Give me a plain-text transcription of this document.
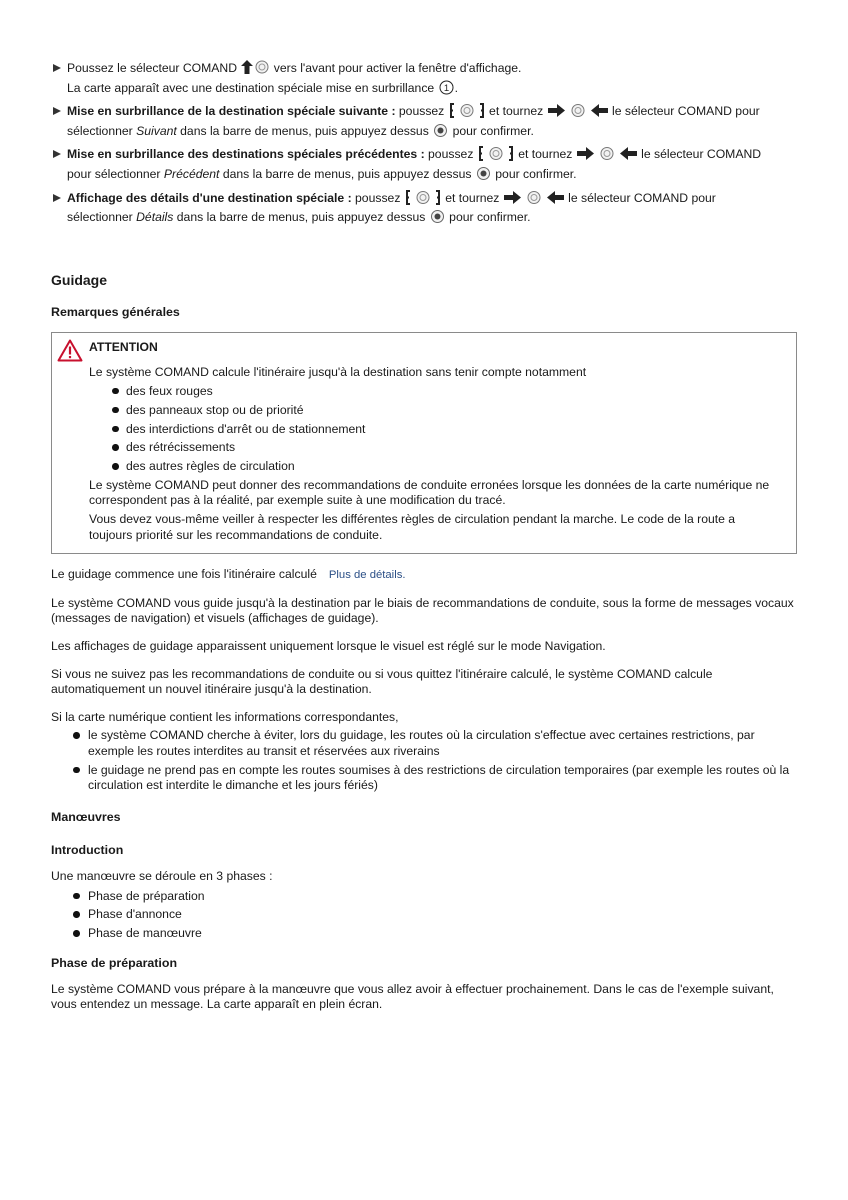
Poussez le sélecteur COMAND  vers l'avant pour activer la fenêtre d'affichage.
La carte apparaît avec une destination spéciale mise en surbrillance 1 .
Mise en surbrillance de la destination spéciale suivante : poussez	et tournez	le sélecteur COMAND pour
sélectionner Suivant dans la barre de menus, puis appuyez dessus  pour confirmer.
Mise en surbrillance des destinations spéciales précédentes : poussez	et tournez	le sélecteur COMAND
pour sélectionner Précédent dans la barre de menus, puis appuyez dessus  pour confirmer.
Affichage des détails d'une destination spéciale : poussez	et tournez	le sélecteur COMAND pour
sélectionner Détails dans la barre de menus, puis appuyez dessus  pour confirmer.
Guidage
Remarques générales
ATTENTION

Le système COMAND calcule l'itinéraire jusqu'à la destination sans tenir compte notamment

des feux rouges
des panneaux stop ou de priorité
des interdictions d'arrêt ou de stationnement
des rétrécissements
des autres règles de circulation

Le système COMAND peut donner des recommandations de conduite erronées lorsque les données de la carte numérique ne correspondent pas à la réalité, par exemple suite à une modification du tracé.

Vous devez vous-même veiller à respecter les différentes règles de circulation pendant la marche. Le code de la route a toujours priorité sur les recommandations de conduite.

Le guidage commence une fois l'itinéraire calculé Plus de détails.

Le système COMAND vous guide jusqu'à la destination par le biais de recommandations de conduite, sous la forme de messages vocaux (messages de navigation) et visuels (affichages de guidage).

Les affichages de guidage apparaissent uniquement lorsque le visuel est réglé sur le mode Navigation.

Si vous ne suivez pas les recommandations de conduite ou si vous quittez l'itinéraire calculé, le système COMAND calcule automatiquement un nouvel itinéraire jusqu'à la destination.

Si la carte numérique contient les informations correspondantes,

le système COMAND cherche à éviter, lors du guidage, les routes où la circulation s'effectue avec certaines restrictions, par exemple les routes interdites au transit et réservées aux riverains
le guidage ne prend pas en compte les routes soumises à des restrictions de circulation temporaires (par exemple les routes où la circulation est interdite le dimanche et les jours fériés)
Manœuvres
Introduction

Une manœuvre se déroule en 3 phases :

Phase de préparation
Phase d'annonce
Phase de manœuvre
Phase de préparation

Le système COMAND vous prépare à la manœuvre que vous allez avoir à effectuer prochainement. Dans le cas de l'exemple suivant, vous entendez un message. La carte apparaît en plein écran.
